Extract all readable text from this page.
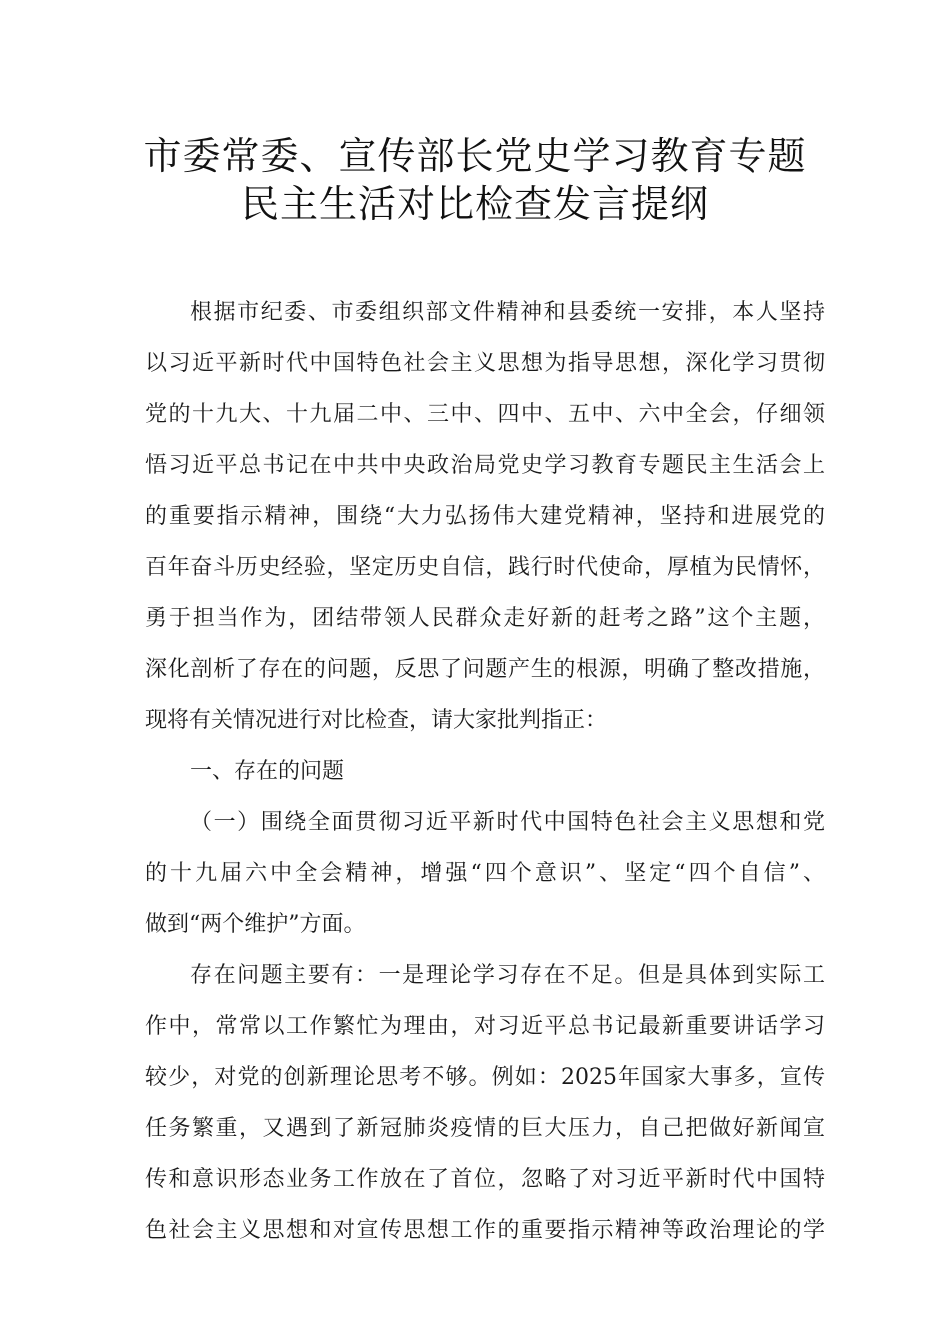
市委常委、宣传部长党史学习教育专题
民主生活对比检查发言提纲

根据市纪委、市委组织部文件精神和县委统一安排，本人坚持

以习近平新时代中国特色社会主义思想为指导思想，深化学习贯彻

党的十九大、十九届二中、三中、四中、五中、六中全会，仔细领

悟习近平总书记在中共中央政治局党史学习教育专题民主生活会上

的重要指示精神，围绕“大力弘扬伟大建党精神，坚持和进展党的

百年奋斗历史经验，坚定历史自信，践行时代使命，厚植为民情怀，

勇于担当作为，团结带领人民群众走好新的赶考之路”这个主题，

深化剖析了存在的问题，反思了问题产生的根源，明确了整改措施，

现将有关情况进行对比检查，请大家批判指正：

一、存在的问题

（一）围绕全面贯彻习近平新时代中国特色社会主义思想和党

的十九届六中全会精神，增强“四个意识”、坚定“四个自信”、

做到“两个维护”方面。

存在问题主要有：一是理论学习存在不足。但是具体到实际工

作中，常常以工作繁忙为理由，对习近平总书记最新重要讲话学习

较少，对党的创新理论思考不够。例如：2025年国家大事多，宣传

任务繁重，又遇到了新冠肺炎疫情的巨大压力，自己把做好新闻宣

传和意识形态业务工作放在了首位，忽略了对习近平新时代中国特

色社会主义思想和对宣传思想工作的重要指示精神等政治理论的学
